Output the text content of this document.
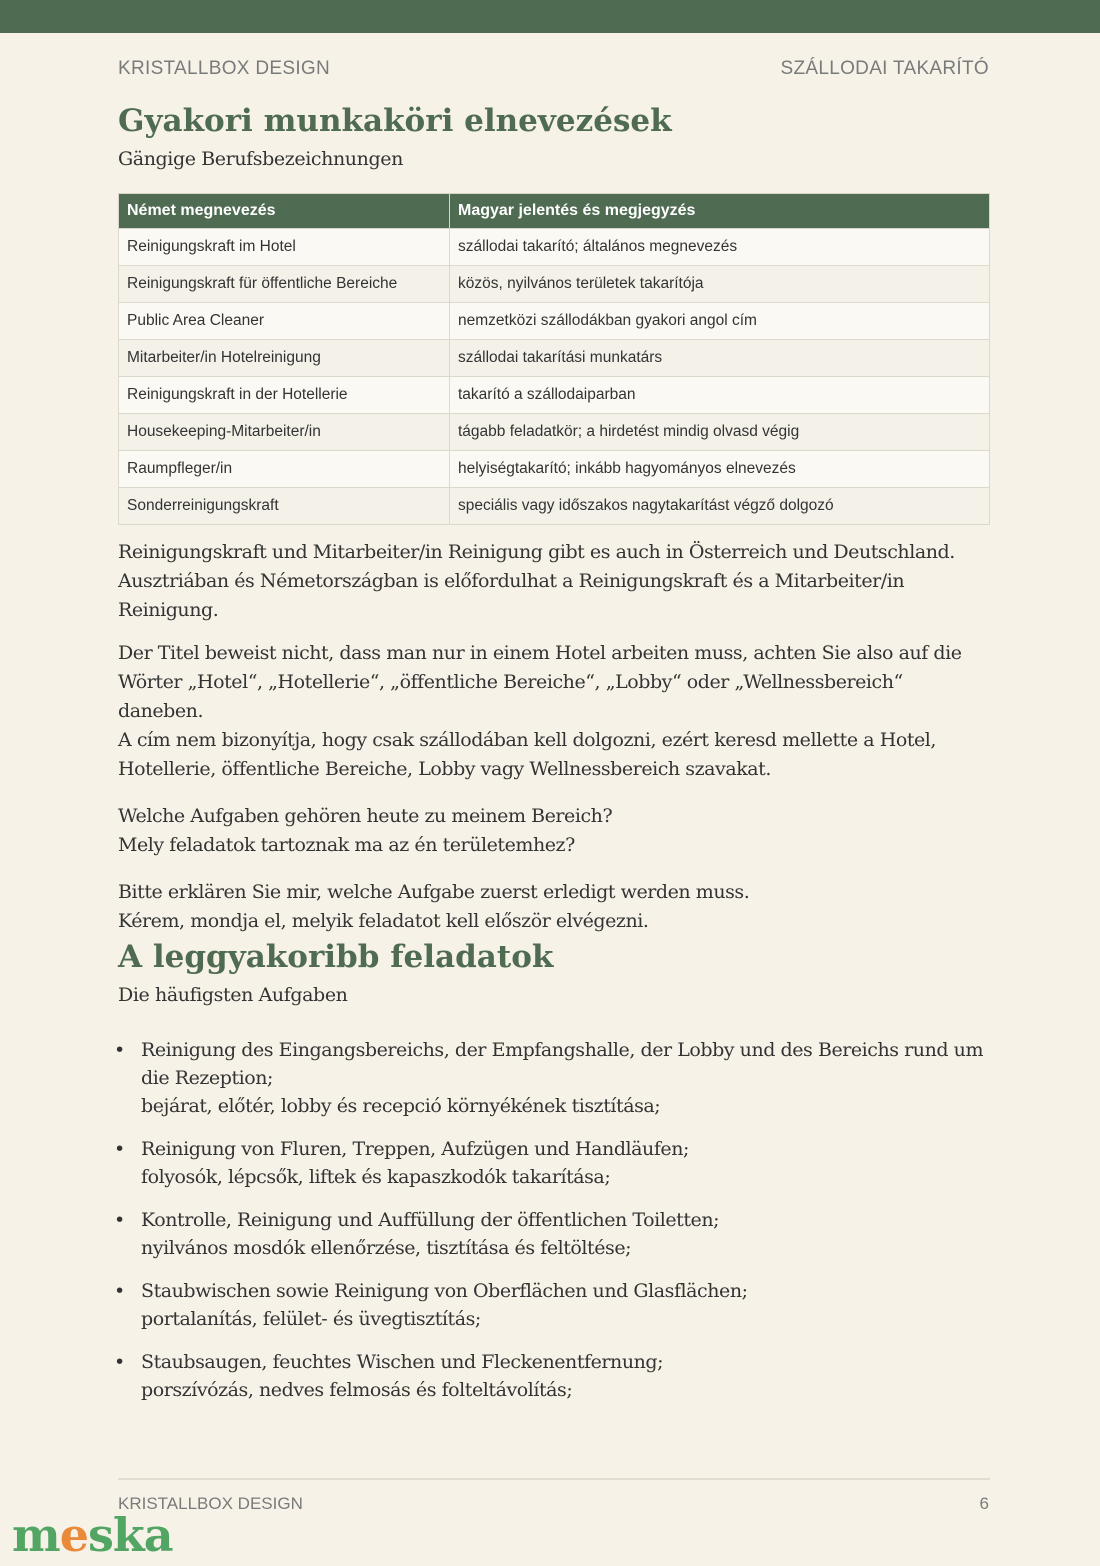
KRISTALLBOX DESIGN	SZÁLLODAI TAKARÍTÓ
Gyakori munkaköri elnevezések

Gängige Berufsbezeichnungen

Német megnevezés	Magyar jelentés és megjegyzés
Reinigungskraft im Hotel	szállodai takarító; általános megnevezés
Reinigungskraft für öffentliche Bereiche	közös, nyilvános területek takarítója
Public Area Cleaner	nemzetközi szállodákban gyakori angol cím
Mitarbeiter/in Hotelreinigung	szállodai takarítási munkatárs
Reinigungskraft in der Hotellerie	takarító a szállodaiparban
Housekeeping-Mitarbeiter/in	tágabb feladatkör; a hirdetést mindig olvasd végig
Raumpfleger/in	helyiségtakarító; inkább hagyományos elnevezés
Sonderreinigungskraft	speciális vagy időszakos nagytakarítást végző dolgozó

Reinigungskraft und Mitarbeiter/in Reinigung gibt es auch in Österreich und Deutschland.
Ausztriában és Németországban is előfordulhat a Reinigungskraft és a Mitarbeiter/in
Reinigung.

Der Titel beweist nicht, dass man nur in einem Hotel arbeiten muss, achten Sie also auf die
Wörter „Hotel“, „Hotellerie“, „öffentliche Bereiche“, „Lobby“ oder „Wellnessbereich“ daneben.
A cím nem bizonyítja, hogy csak szállodában kell dolgozni, ezért keresd mellette a Hotel,
Hotellerie, öffentliche Bereiche, Lobby vagy Wellnessbereich szavakat.

Welche Aufgaben gehören heute zu meinem Bereich?
Mely feladatok tartoznak ma az én területemhez?

Bitte erklären Sie mir, welche Aufgabe zuerst erledigt werden muss.
Kérem, mondja el, melyik feladatot kell először elvégezni.

A leggyakoribb feladatok

Die häufigsten Aufgaben

• Reinigung des Eingangsbereichs, der Empfangshalle, der Lobby und des Bereichs rund um
die Rezeption;
bejárat, előtér, lobby és recepció környékének tisztítása;
• Reinigung von Fluren, Treppen, Aufzügen und Handläufen;
folyosók, lépcsők, liftek és kapaszkodók takarítása;
• Kontrolle, Reinigung und Auffüllung der öffentlichen Toiletten;
nyilvános mosdók ellenőrzése, tisztítása és feltöltése;
• Staubwischen sowie Reinigung von Oberflächen und Glasflächen;
portalanítás, felület- és üvegtisztítás;
• Staubsaugen, feuchtes Wischen und Fleckenentfernung;
porszívózás, nedves felmosás és folteltávolítás;
KRISTALLBOX DESIGN	6
meska
